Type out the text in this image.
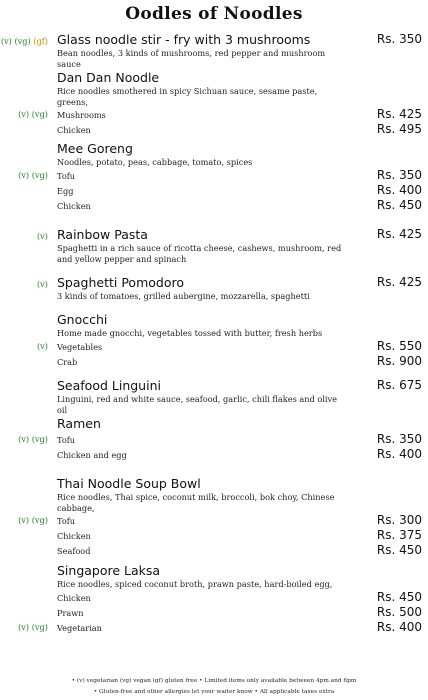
Oodles of Noodles
Glass noodle stir - fry with 3 mushrooms
(v) (vg) (gf)	Rs. 350
Bean noodles, 3 kinds of mushrooms, red pepper and mushroom sauce
Dan Dan Noodle
Rice noodles smothered in spicy Sichuan sauce, sesame paste, greens,
(v) (vg) Mushrooms	Rs. 425
Chicken	Rs. 495
Mee Goreng
Noodles, potato, peas, cabbage, tomato, spices
(v) (vg) Tofu	Rs. 350
Egg	Rs. 400
Chicken	Rs. 450
Rainbow Pasta
(v)	Rs. 425
Spaghetti in a rich sauce of ricotta cheese, cashews, mushroom, red and yellow pepper and spinach
Spaghetti Pomodoro
(v)	Rs. 425
3 kinds of tomatoes, grilled aubergine, mozzarella, spaghetti
Gnocchi
Home made gnocchi, vegetables tossed with butter, fresh herbs
(v) Vegetables	Rs. 550
Crab	Rs. 900
Seafood Linguini	Rs. 675
Linguini, red and white sauce, seafood, garlic, chili flakes and olive oil
Ramen
(v) (vg) Tofu	Rs. 350
Chicken and egg	Rs. 400
Thai Noodle Soup Bowl
Rice noodles, Thai spice, coconut milk, broccoli, bok choy, Chinese cabbage,
(v) (vg) Tofu	Rs. 300
Chicken	Rs. 375
Seafood	Rs. 450
Singapore Laksa
Rice noodles, spiced coconut broth, prawn paste, hard-boiled egg,
Chicken	Rs. 450
Prawn	Rs. 500
(v) (vg) Vegetarian	Rs. 400
• (v) vegetarian (vg) vegan (gf) gluten free • Limited items only available between 4pm and 6pm
• Gluten-free and other allergies let your waiter know • All applicable taxes extra
